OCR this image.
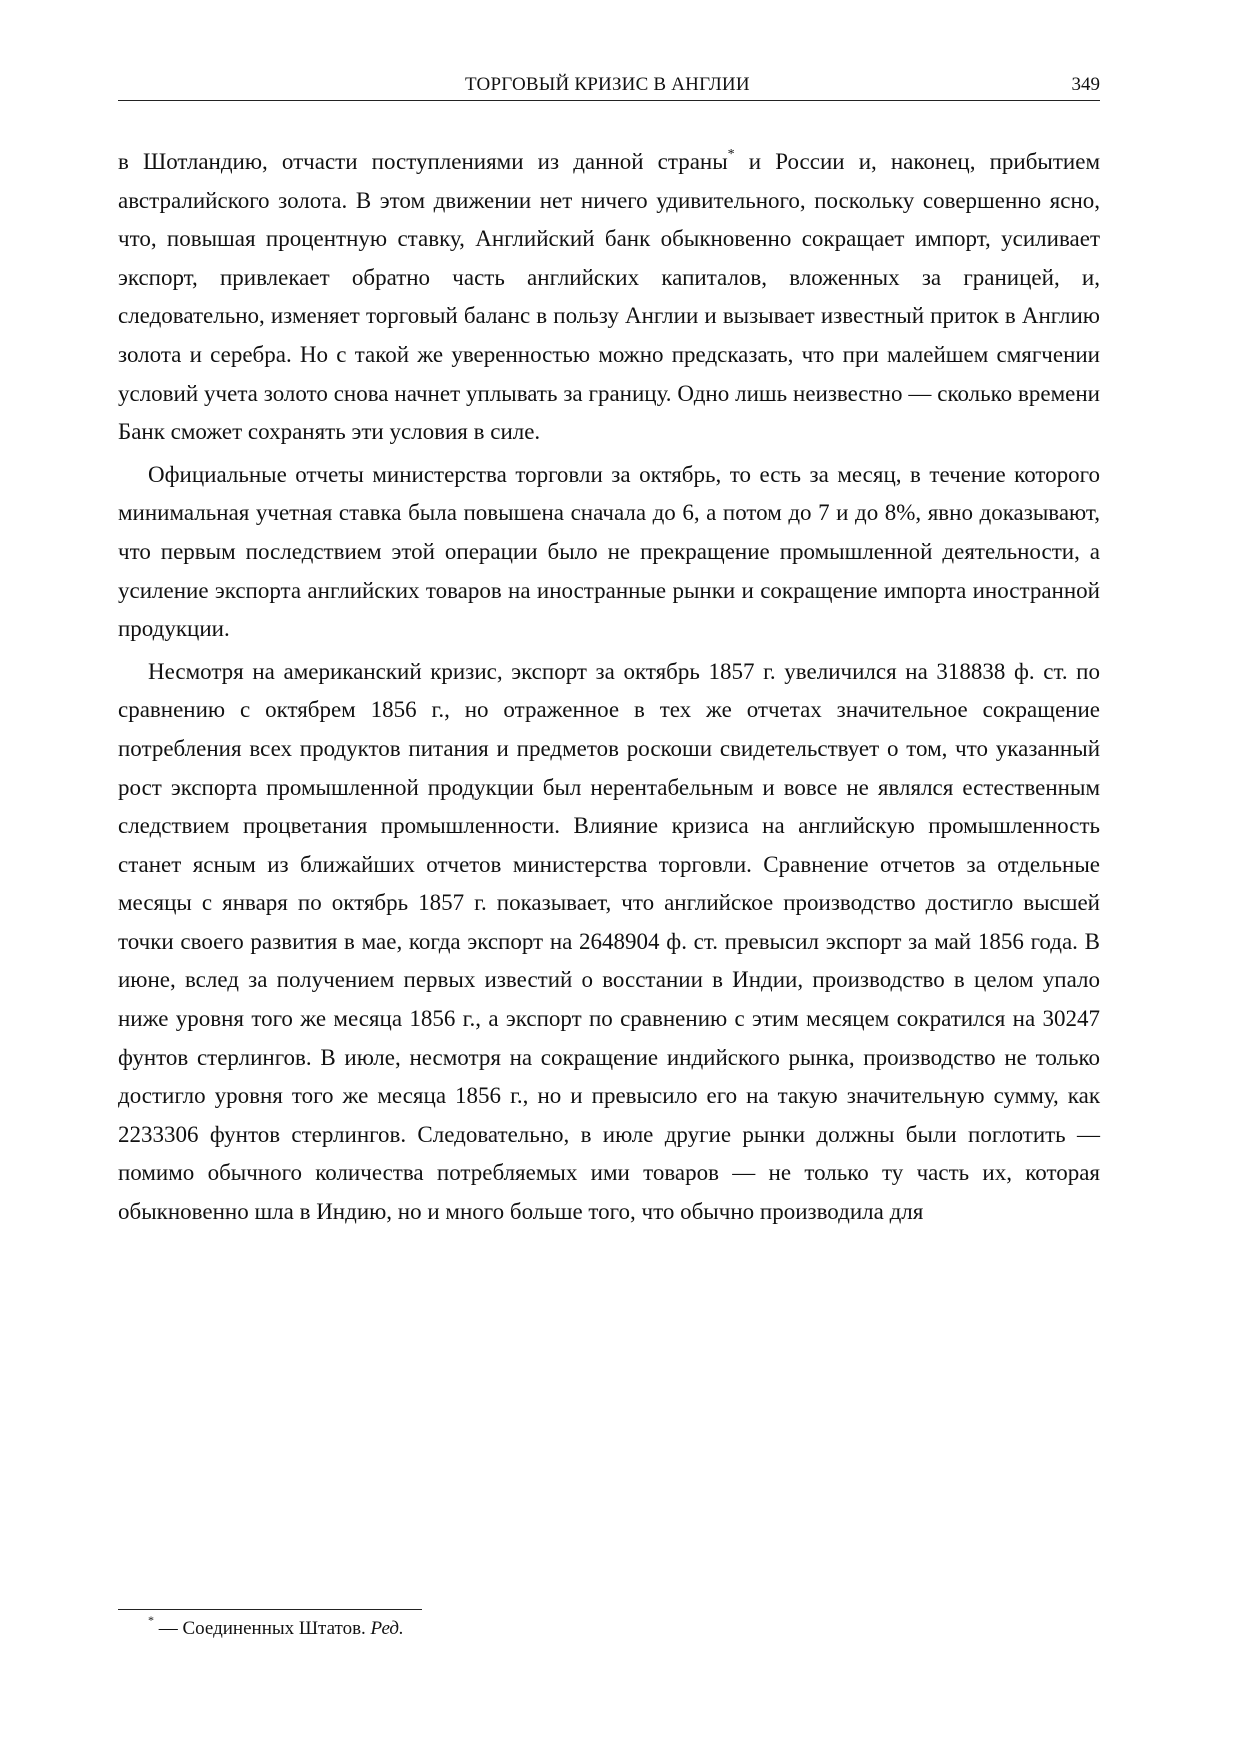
ТОРГОВЫЙ КРИЗИС В АНГЛИИ	349

в Шотландию, отчасти поступлениями из данной страны* и России и, наконец, прибытием австралийского золота. В этом движении нет ничего удивительного, поскольку совершенно ясно, что, повышая процентную ставку, Английский банк обыкновенно сокращает импорт, усиливает экспорт, привлекает обратно часть английских капиталов, вложенных за границей, и, следовательно, изменяет торговый баланс в пользу Англии и вызывает известный приток в Англию золота и серебра. Но с такой же уверенностью можно предсказать, что при малейшем смягчении условий учета золото снова начнет уплывать за границу. Одно лишь неизвестно — сколько времени Банк сможет сохранять эти условия в силе.

Официальные отчеты министерства торговли за октябрь, то есть за месяц, в течение которого минимальная учетная ставка была повышена сначала до 6, а потом до 7 и до 8%, явно доказывают, что первым последствием этой операции было не прекращение промышленной деятельности, а усиление экспорта английских товаров на иностранные рынки и сокращение импорта иностранной продукции.

Несмотря на американский кризис, экспорт за октябрь 1857 г. увеличился на 318838 ф. ст. по сравнению с октябрем 1856 г., но отраженное в тех же отчетах значительное сокращение потребления всех продуктов питания и предметов роскоши свидетельствует о том, что указанный рост экспорта промышленной продукции был нерентабельным и вовсе не являлся естественным следствием процветания промышленности. Влияние кризиса на английскую промышленность станет ясным из ближайших отчетов министерства торговли. Сравнение отчетов за отдельные месяцы с января по октябрь 1857 г. показывает, что английское производство достигло высшей точки своего развития в мае, когда экспорт на 2648904 ф. ст. превысил экспорт за май 1856 года. В июне, вслед за получением первых известий о восстании в Индии, производство в целом упало ниже уровня того же месяца 1856 г., а экспорт по сравнению с этим месяцем сократился на 30247 фунтов стерлингов. В июле, несмотря на сокращение индийского рынка, производство не только достигло уровня того же месяца 1856 г., но и превысило его на такую значительную сумму, как 2233306 фунтов стерлингов. Следовательно, в июле другие рынки должны были поглотить — помимо обычного количества потребляемых ими товаров — не только ту часть их, которая обыкновенно шла в Индию, но и много больше того, что обычно производила для

* — Соединенных Штатов. Ред.
